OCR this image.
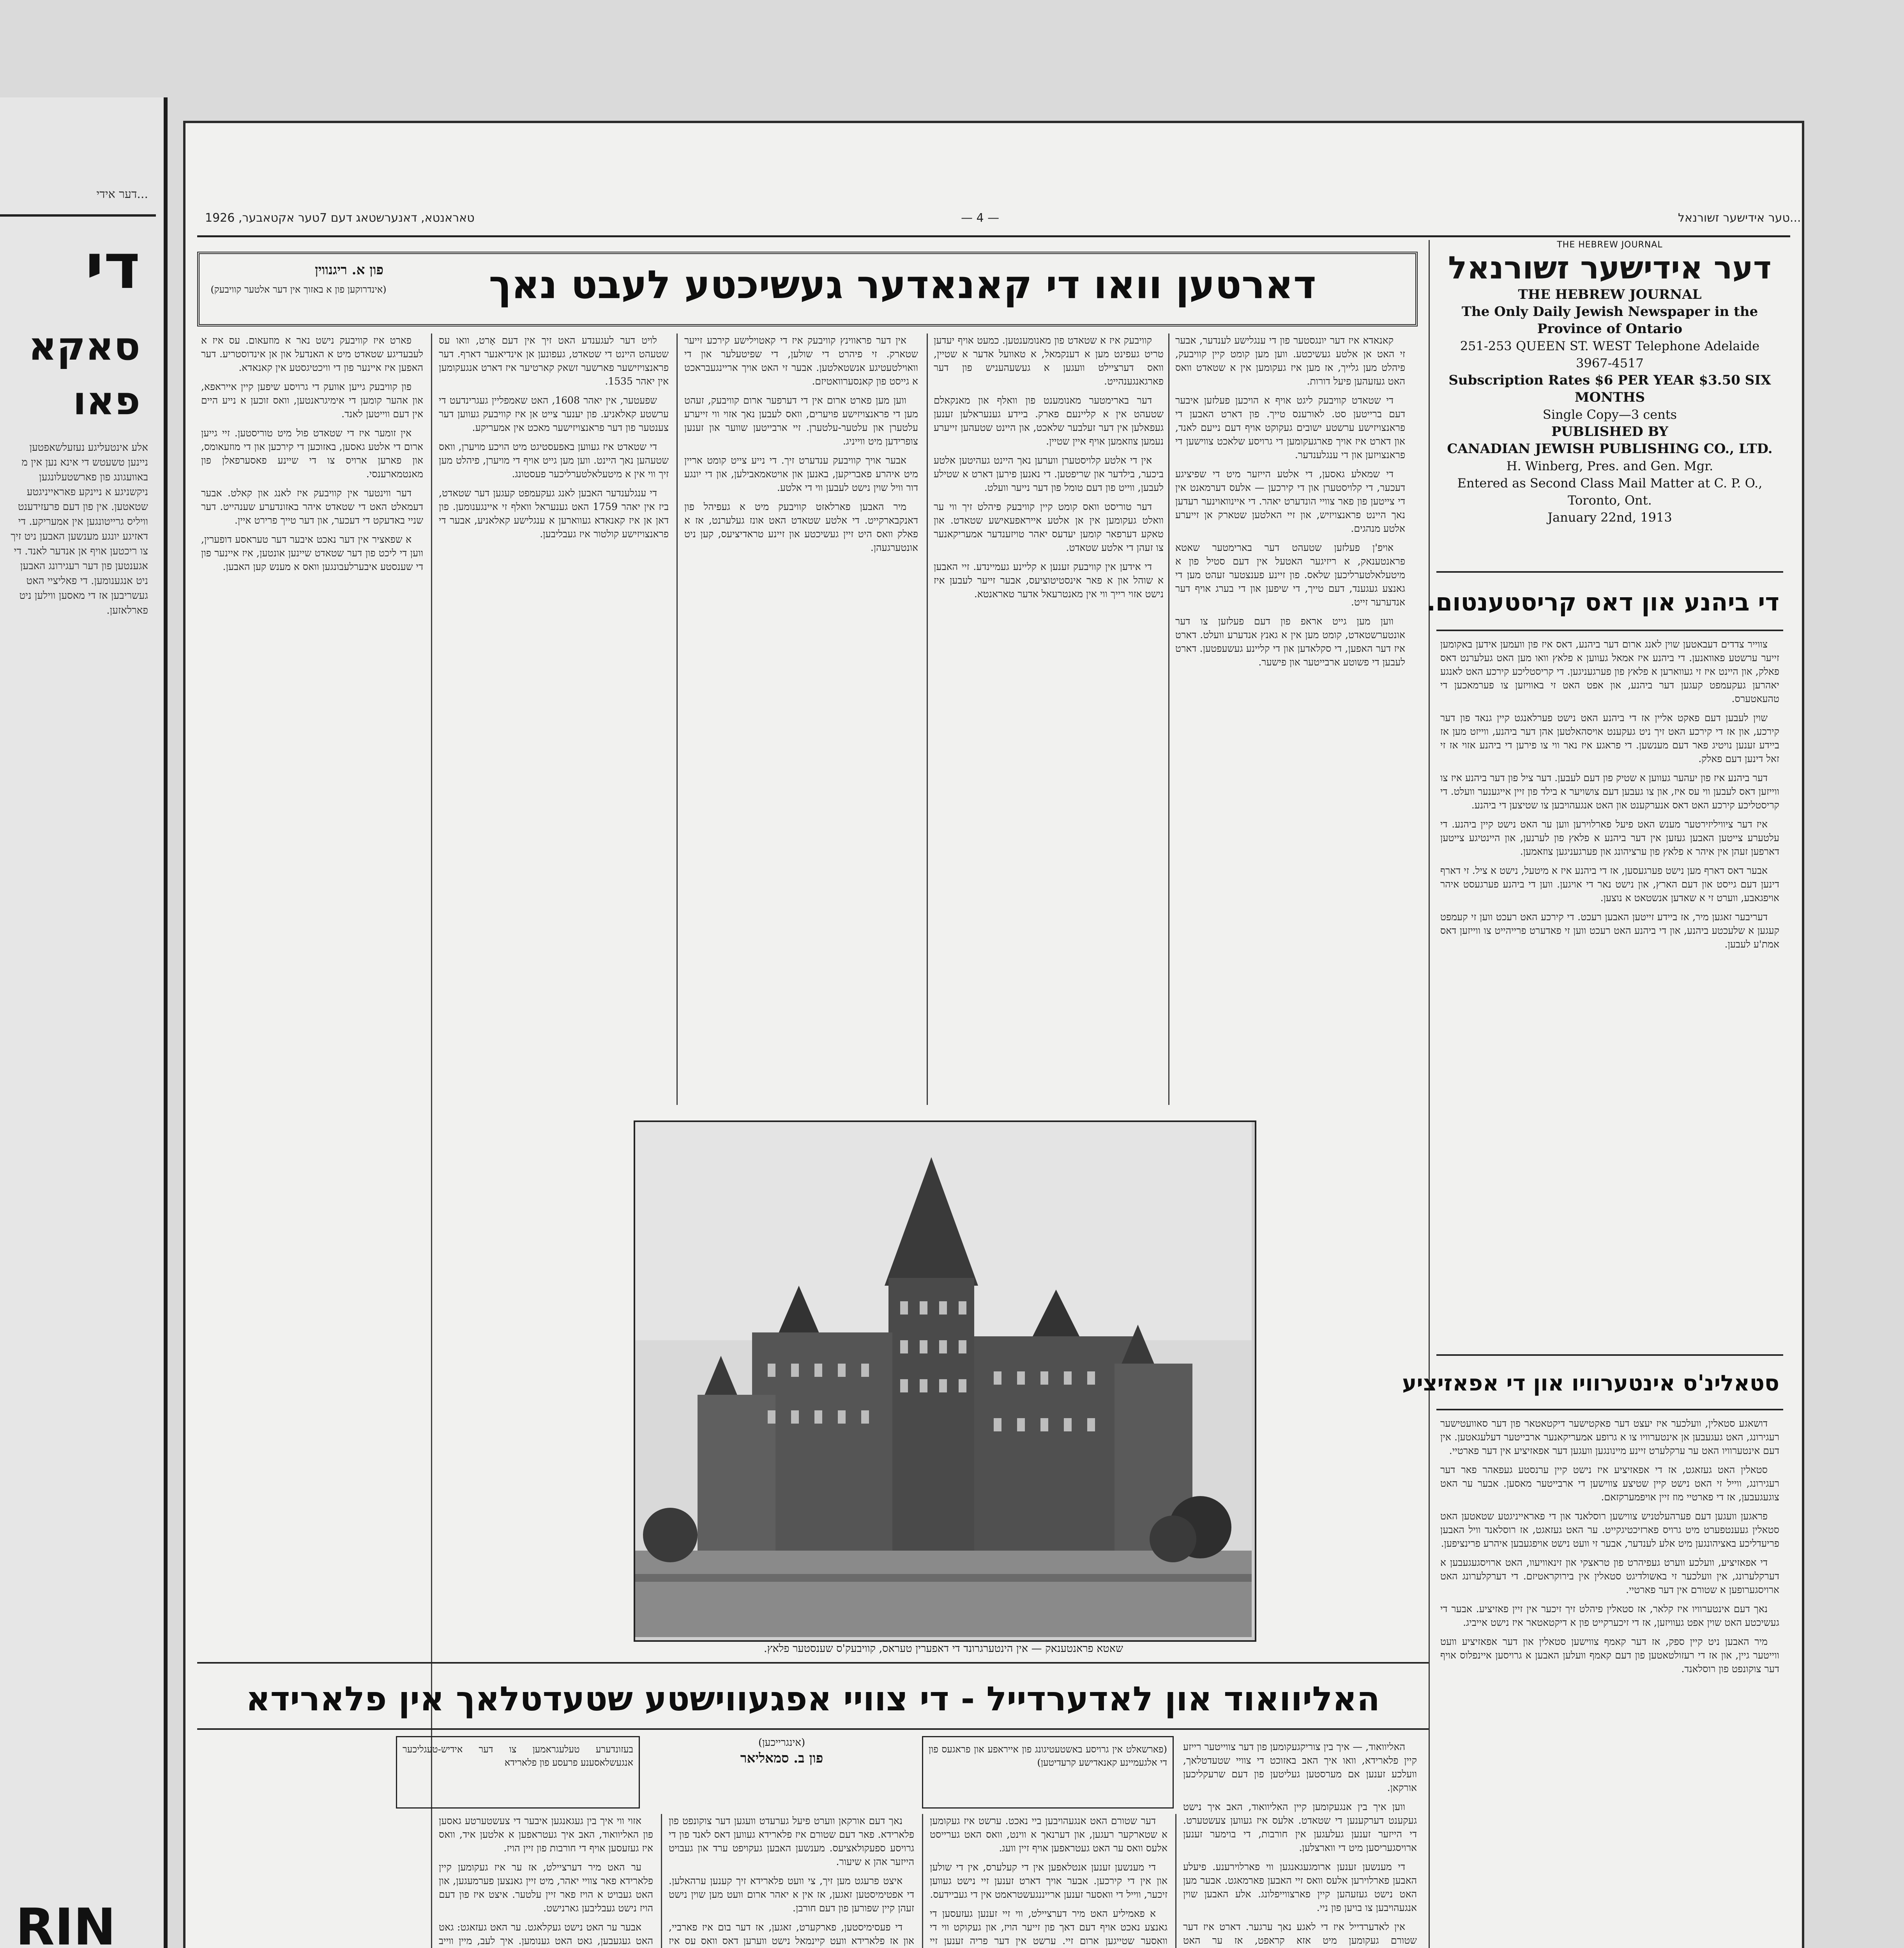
...דער אידי
די
סאקא
פאו
אלע אינטעליגע נעזעלשאפטען ניינען טשעטש די אינא נען אין מ באוועגונג פון פארשטעלונגען ניקשניגע א ניינקע פאראייניגטע שטאטען. אין פון דעם פרעזידענט וויליס גרייטונגען אין אמעריקע. די דאזיגע יונגע מענשען האבען ניט זיך צו ריכטען אויף אן אנדער לאנד. די אגענטען פון דער רעגירונג האבען ניט אנגענומען. די פאליציי האט געשריבען אז די מאסען ווילען ניט פארלאזען.
RIN
...טער אידישער זשורנאל
— 4 —
טאראנטא, דאנערשטאג דעם 7טער אקטאבער, 1926
דארטען וואו די קאנאדער געשיכטע לעבט נאך
פון א. ריגנווין
(אינדרוקען פון א באזוך אין דער אלטער קוויבעק)

קאנאדא איז דער יונגסטער פון די ענגלישע לענדער, אבער זי האט אן אלטע געשיכטע. ווען מען קומט קיין קוויבעק, פיהלט מען גלייך, אז מען איז געקומען אין א שטאדט וואס האט געזעהען פיעל דורות.

די שטאדט קוויבעק ליגט אויף א הויכען פעלזען איבער דעם ברייטען סט. לאורענס טייך. פון דארט האבען די פראנצויזישע ערשטע ישובים געקוקט אויף דעם נייעם לאנד, און דארט איז אויך פארגעקומען די גרויסע שלאכט צווישען די פראנצויזען און די ענגלענדער.

די שמאלע גאסען, די אלטע הייזער מיט די שפיציגע דעכער, די קלויסטערן און די קירכען — אלעס דערמאנט אין די צייטען פון פאר צוויי הונדערט יאהר. די איינוואוינער רעדען נאך היינט פראנצויזיש, און זיי האלטען שטארק אן זייערע אלטע מנהגים.

אויפ'ן פעלזען שטעהט דער בארימטער שאטא פראנטענאק, א ריזיגער האטעל אין דעם סטיל פון א מיטעלאלטערליכען שלאס. פון זיינע פענצטער זעהט מען די גאנצע געגענד, דעם טייך, די שיפען און די בערג אויף דער אנדערער זייט.

ווען מען גייט אראפ פון דעם פעלזען צו דער אונטערשטאדט, קומט מען אין א גאנץ אנדערע וועלט. דארט איז דער האפען, די סקלאדען און די קליינע געשעפטען. דארט לעבען די פשוטע ארבייטער און פישער.

קוויבעק איז א שטאדט פון מאנומענטען. כמעט אויף יעדען טריט געפינט מען א דענקמאל, א טאוועל אדער א שטיין, וואס דערציילט וועגען א געשעהעניש פון דער פארגאנגענהייט.

דער בארימטער מאנומענט פון וואלף און מאנקאלם שטעהט אין א קליינעם פארק. ביידע גענעראלען זענען געפאלען אין דער זעלבער שלאכט, און היינט שטעהען זייערע נעמען צוזאמען אויף איין שטיין.

אין די אלטע קלויסטערן ווערען נאך היינט געהיטען אלטע ביכער, בילדער און שריפטען. די נאנען פירען דארט א שטילע לעבען, ווייט פון דעם טומל פון דער נייער וועלט.

דער טוריסט וואס קומט קיין קוויבעק פיהלט זיך ווי ער וואלט געקומען אין אן אלטע אייראפעאישע שטאדט. און טאקע דערפאר קומען יעדעס יאהר טויזענדער אמעריקאנער צו זעהן די אלטע שטאדט.

די אידען אין קוויבעק זענען א קליינע געמיינדע. זיי האבען א שוהל און א פאר אינסטיטוציעס, אבער זייער לעבען איז נישט אזוי רייך ווי אין מאנטרעאל אדער טאראנטא.

אין דער פראווינץ קוויבעק איז די קאטוילישע קירכע זייער שטארק. זי פיהרט די שולען, די שפיטעלער און די וואוילטעטיגע אנשטאלטען. אבער זי האט אויך אריינגעבראכט א גייסט פון קאנסערוואטיזם.

ווען מען פארט ארום אין די דערפער ארום קוויבעק, זעהט מען די פראנצויזישע פויערים, וואס לעבען נאך אזוי ווי זייערע עלטערן און עלטער-עלטערן. זיי ארבייטען שווער און זענען צופרידען מיט ווייניג.

אבער אויך קוויבעק ענדערט זיך. די נייע צייט קומט אריין מיט איהרע פאבריקען, באנען און אויטאמאבילען, און די יונגע דור וויל שוין נישט לעבען ווי די אלטע.

מיר האבען פארלאזט קוויבעק מיט א געפיהל פון דאנקבארקייט. די אלטע שטאדט האט אונז געלערנט, אז א פאלק וואס היט זיין געשיכטע און זיינע טראדיציעס, קען ניט אונטערגעהן.

לויט דער לעגענדע האט זיך אין דעם אָרט, וואו עס שטעהט היינט די שטאדט, געפונען אן אינדיאנער דארף. דער פראנצויזישער פארשער זשאק קארטיער איז דארט אנגעקומען אין יאהר 1535.

שפעטער, אין יאהר 1608, האט שאמפליין געגרינדעט די ערשטע קאלאניע. פון יענער צייט אן איז קוויבעק געווען דער צענטער פון דער פראנצויזישער מאכט אין אמעריקע.

די שטאדט איז געווען באפעסטיגט מיט הויכע מויערן, וואס שטעהען נאך היינט. ווען מען גייט אויף די מויערן, פיהלט מען זיך ווי אין א מיטעלאלטערליכער פעסטונג.

די ענגלענדער האבען לאנג געקעמפט קעגען דער שטאדט, ביז אין יאהר 1759 האט גענעראל וואלף זי איינגענומען. פון דאן אן איז קאנאדא געווארען א ענגלישע קאלאניע, אבער די פראנצויזישע קולטור איז געבליבען.

פארט איז קוויבעק נישט נאר א מוזעאום. עס איז א לעבעדיגע שטאדט מיט א האנדעל און אן אינדוסטריע. דער האפען איז איינער פון די וויכטיגסטע אין קאנאדא.

פון קוויבעק גייען אוועק די גרויסע שיפען קיין אייראפא, און אהער קומען די אימיגראנטען, וואס זוכען א נייע היים אין דעם ווייטען לאנד.

אין זומער איז די שטאדט פול מיט טוריסטען. זיי גייען ארום די אלטע גאסען, באזוכען די קירכען און די מוזעאומס, און פארען ארויס צו די שיינע פאסערפאלן פון מאנטמארענסי.

דער ווינטער אין קוויבעק איז לאנג און קאלט. אבער דעמאלט האט די שטאדט איהר באזונדערע שענהייט. דער שניי באדעקט די דעכער, און דער טייך פרירט איין.

א שפאציר אין דער נאכט איבער דער טעראסע דופערין, ווען די ליכט פון דער שטאדט שיינען אונטען, איז איינער פון די שענסטע איבערלעבונגען וואס א מענש קען האבען.

שאטא פראנטענאק — אין הינטערגרונד די דאפערין טעראס, קוויבעק'ס שענסטער פלאץ.
THE HEBREW JOURNAL
דער אידישער זשורנאל
THE HEBREW JOURNAL
The Only Daily Jewish Newspaper in the Province of Ontario
251-253 QUEEN ST. WEST Telephone Adelaide 3967-4517
Subscription Rates $6 PER YEAR $3.50 SIX MONTHS
Single Copy—3 cents
PUBLISHED BY
CANADIAN JEWISH PUBLISHING CO., LTD.
H. Winberg, Pres. and Gen. Mgr.
Entered as Second Class Mail Matter at C. P. O., Toronto, Ont.
January 22nd, 1913
די ביהנע און דאס קריסטענטום.

צווייר צדדים דעבאטען שוין לאנג ארום דער ביהנע, דאס איז פון וועמען אידען באקומען זייער ערשטע פאוואנען. די ביהנע איז אמאל געווען א פלאץ וואו מען האט געלערנט דאס פאלק, און היינט איז זי געווארען א פלאץ פון פערגעניגען. די קריסטליכע קירכע האט לאנגע יאהרען געקעמפט קעגען דער ביהנע, און אפט האט זי באוויזען צו פערמאכען די טהעאטערס.

שוין לעבען דעם פאקט אליין אז די ביהנע האט נישט פערלאנגט קיין גנאד פון דער קירכע, און אז די קירכע האט זיך ניט געקענט אויסהאלטען אהן דער ביהנע, ווייזט מען אז ביידע זענען נויטיג פאר דעם מענשען. די פראגע איז נאר ווי צו פירען די ביהנע אזוי אז זי זאל דינען דעם פאלק.

דער ביהנע איז פון יעהער געווען א שטיק פון דעם לעבען. דער ציל פון דער ביהנע איז צו ווייזען דאס לעבען ווי עס איז, און צו געבען דעם צושויער א בילד פון זיין אייגענער וועלט. די קריסטליכע קירכע האט דאס אנערקענט און האט אנגעהויבען צו שטיצען די ביהנע.

איז דער ציוויליזירטער מענש האט פיעל פארלוירען ווען ער האט נישט קיין ביהנע. די עלטערע צייטען האבען געזען אין דער ביהנע א פלאץ פון לערנען, און היינטיגע צייטען דארפען זעהן אין איהר א פלאץ פון ערציהונג און פערגעניגען צוזאמען.

אבער דאס דארף מען נישט פערגעסען, אז די ביהנע איז א מיטעל, נישט א ציל. זי דארף דינען דעם גייסט און דעם הארץ, און נישט נאר די אויגען. ווען די ביהנע פערגעסט איהר אויפגאבע, ווערט זי א שאדען אנשטאט א נוצען.

דעריבער זאגען מיר, אז ביידע זייטען האבען רעכט. די קירכע האט רעכט ווען זי קעמפט קעגען א שלעכטע ביהנע, און די ביהנע האט רעכט ווען זי פאדערט פרייהייט צו ווייזען דאס אמת'ע לעבען.

סטאלינ'ס אינטערוויו און די אפאזיציע

דושאגע סטאלין, וועלכער איז יעצט דער פאקטישער דיקטאטאר פון דער סאוועטישער רעגירונג, האט געגעבען אן אינטערוויו צו א גרופע אמעריקאנער ארבייטער דעלעגאטען. אין דעם אינטערוויו האט ער ערקלערט זיינע מיינונגען וועגען דער אפאזיציע אין דער פארטיי.

סטאלין האט געזאגט, אז די אפאזיציע איז נישט קיין ערנסטע געפאהר פאר דער רעגירונג, ווייל זי האט נישט קיין שטיצע צווישען די ארבייטער מאסען. אבער ער האט צוגעגעבען, אז די פארטיי מוז זיין אויפמערקזאם.

פראגען וועגען דעם פערהעלטניש צווישען רוסלאנד און די פאראייניגטע שטאטען האט סטאלין געענטפערט מיט גרויס פארזיכטיגקייט. ער האט געזאגט, אז רוסלאנד וויל האבען פריעדליכע באציהונגען מיט אלע לענדער, אבער זי וועט נישט אויפגעבען איהרע פרינציפען.

די אפאזיציע, וועלכע ווערט געפיהרט פון טראצקי און זינאוויעוו, האט ארויסגעגעבען א דערקלערונג, אין וועלכער זי באשולדיגט סטאלין אין בירוקראטיזם. די דערקלערונג האט ארויסגערופען א שטורם אין דער פארטיי.

נאך דעם אינטערוויו איז קלאר, אז סטאלין פיהלט זיך זיכער אין זיין פאזיציע. אבער די געשיכטע האט שוין אפט געוויזען, אז די זיכערקייט פון א דיקטאטאר איז נישט אייביג.

מיר האבען ניט קיין ספק, אז דער קאמף צווישען סטאלין און דער אפאזיציע וועט ווייטער גיין, און אז די רעזולטאטען פון דעם קאמף וועלען האבען א גרויסען איינפלוס אויף דער צוקונפט פון רוסלאנד.

האליוואוד און לאדערדייל - די צוויי אפגעווישטע שטעדטלאך אין פלארידא
(אינגרייכען)
פון ב. סמאליאר
(פארשאלט אין גרויסע באשטעטיגונג פון אייראפע און פראגעס פון די אלגעמיינע קאנאדישע קרעדיטען)
בעזונדערע טעלעגראמען צו דער אידיש-טעגליכער אנגעשלאסענע פרעסע פון פלארידא

האליוואוד, — איך בין צוריקגעקומען פון דער צווייטער רייזע קיין פלארידא, וואו איך האב באזוכט די צוויי שטעדטלאך, וועלכע זענען אם מערסטען געליטען פון דעם שרעקליכען אורקאן.

ווען איך בין אנגעקומען קיין האליוואוד, האב איך נישט געקענט דערקענען די שטאדט. אלעס איז געווען צעשטערט. די הייזער זענען געלעגען אין חורבות, די בוימער זענען ארויסגעריסען מיט די ווארצלען.

די מענשען זענען ארומגעגאנגען ווי פארלוירענע. פיעלע האבען פארלוירען אלעס וואס זיי האבען פארמאגט. אבער מען האט נישט געזעהען קיין פארצווייפלונג. אלע האבען שוין אנגעהויבען צו בויען פון ניי.

אין לאדערדייל איז די לאגע נאך ערגער. דארט איז דער שטורם געקומען מיט אזא קראפט, אז ער האט

דער שטורם האט אנגעהויבען ביי נאכט. ערשט איז געקומען א שטארקער רעגען, און דערנאך א ווינט, וואס האט גערייסט אלעס וואס ער האט געטראפען אויף זיין וועג.

די מענשען זענען אנטלאפען אין די קעלערס, אין די שולען און אין די קירכען. אבער אויך דארט זענען זיי נישט געווען זיכער, ווייל די וואסער זענען ארייננגעשטראמט אין די געביידעס.

א פאמיליע האט מיר דערציילט, ווי זיי זענען געזעסען די גאנצע נאכט אויף דעם דאך פון זייער הויז, און געקוקט ווי די וואסער שטייגען ארום זיי. ערשט אין דער פריה זענען זיי

נאך דעם אורקאן ווערט פיעל גערעדט וועגען דער צוקונפט פון פלארידא. פאר דעם שטורם איז פלארידא געווען דאס לאנד פון די גרויסע ספעקולאציעס. מענשען האבען געקויפט ערד און געבויט הייזער אהן א שיעור.

איצט פרעגט מען זיך, צי וועט פלארידא זיך קענען ערהאלען. די אפטימיסטען זאגען, אז אין א יאהר ארום וועט מען שוין נישט זעהן קיין שפורען פון דעם חורבן.

די פעסימיסטען, פארקערט, זאגען, אז דער בום איז פארביי, און אז פלארידא וועט קיינמאל נישט ווערען דאס וואס עס איז

אזוי ווי איך בין געגאנגען איבער די צעשטערטע גאסען פון האליוואוד, האב איך געטראפען א אלטען איד, וואס איז געזעסען אויף די חורבות פון זיין הויז.

ער האט מיר דערציילט, אז ער איז געקומען קיין פלארידא פאר צוויי יאהר, מיט זיין גאנצען פערמעגען, און האט געבויט א הויז פאר זיין עלטער. איצט איז פון דעם הויז נישט געבליבען גארנישט.

אבער ער האט נישט געקלאגט. ער האט געזאגט: גאט האט געגעבען, גאט האט גענומען. איך לעב, מיין ווייב
